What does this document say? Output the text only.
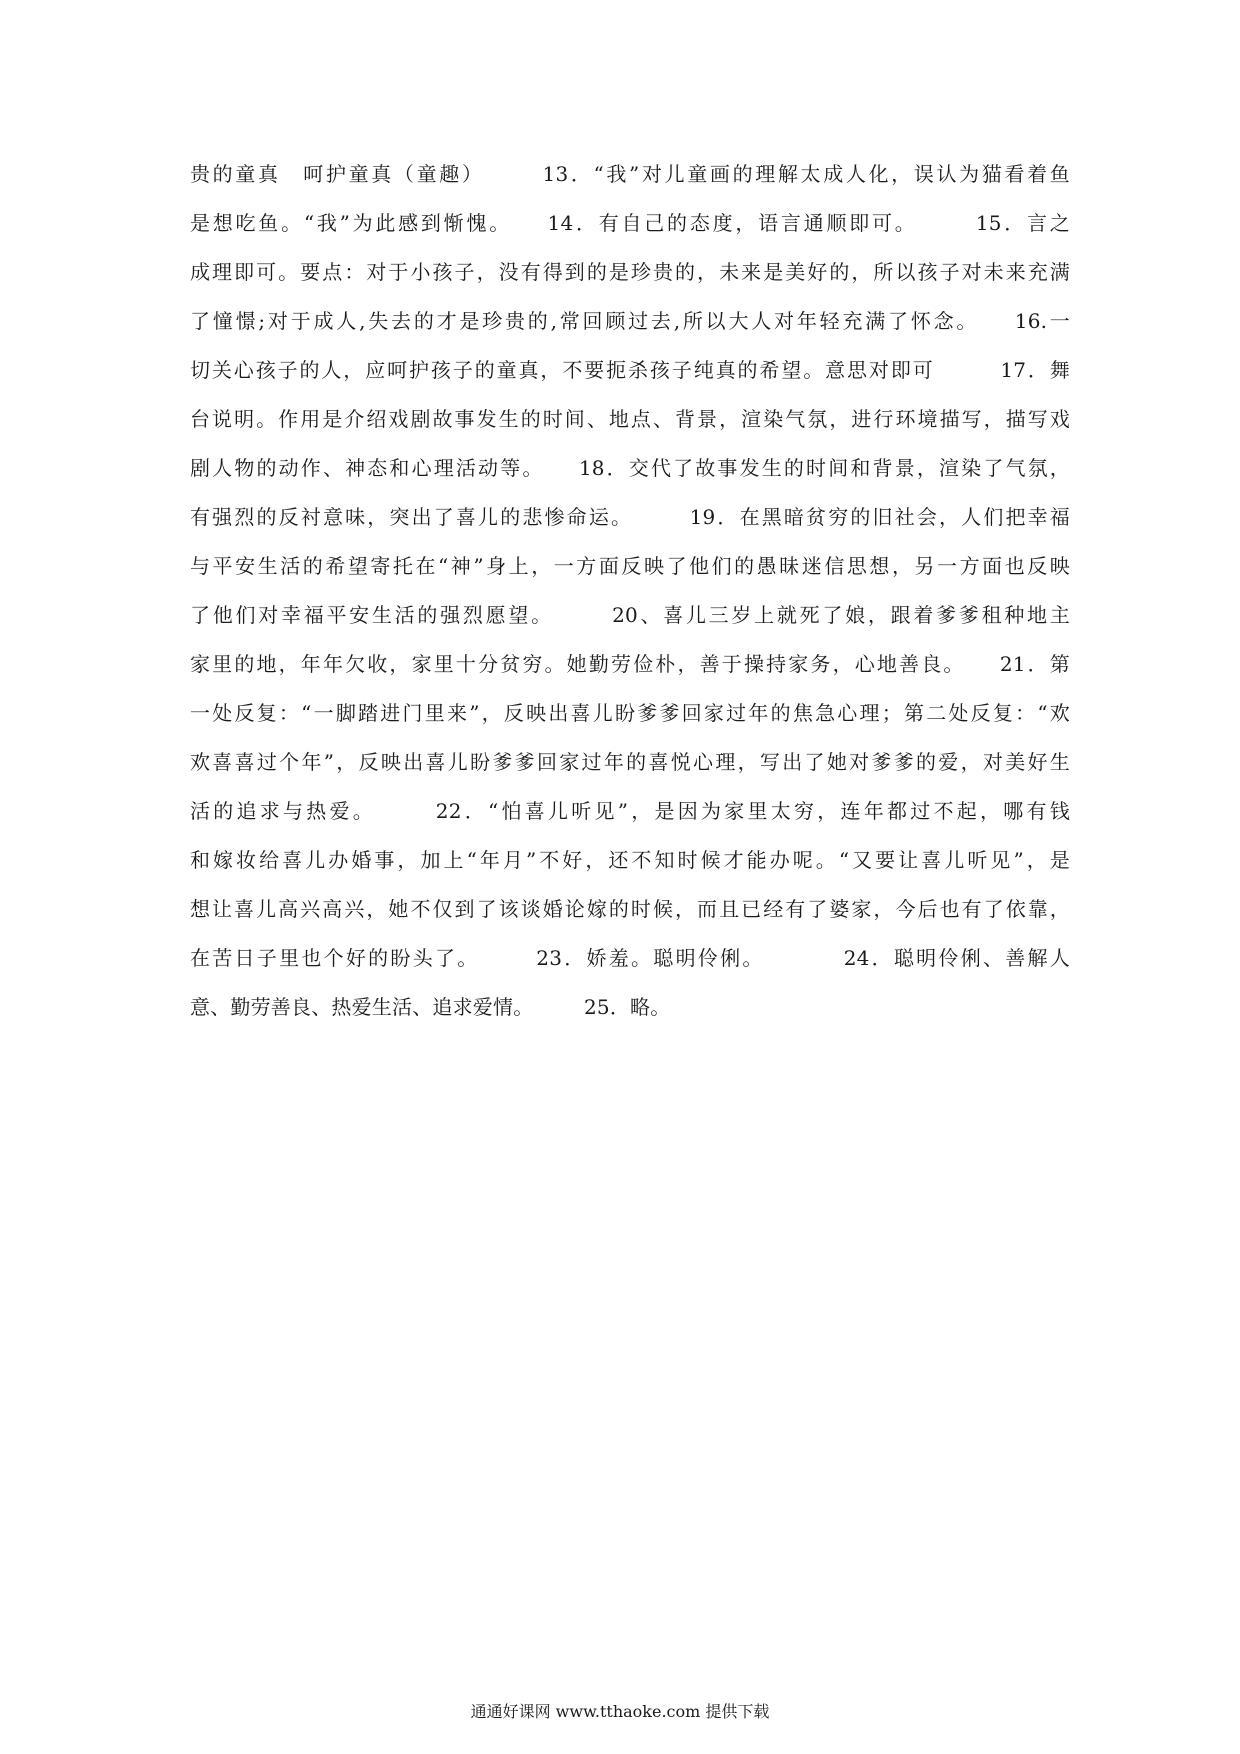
贵的童真　呵护童真（童趣）　　　13．“我”对儿童画的理解太成人化，误认为猫看着鱼
是想吃鱼。“我”为此感到惭愧。　　14．有自己的态度，语言通顺即可。　　　15．言之
成理即可。要点：对于小孩子，没有得到的是珍贵的，未来是美好的，所以孩子对未来充满
了憧憬;对于成人,失去的才是珍贵的,常回顾过去,所以大人对年轻充满了怀念。　　16.一
切关心孩子的人，应呵护孩子的童真，不要扼杀孩子纯真的希望。意思对即可　　　17．舞
台说明。作用是介绍戏剧故事发生的时间、地点、背景，渲染气氛，进行环境描写，描写戏
剧人物的动作、神态和心理活动等。　　18．交代了故事发生的时间和背景，渲染了气氛，
有强烈的反衬意味，突出了喜儿的悲惨命运。　　　19．在黑暗贫穷的旧社会，人们把幸福
与平安生活的希望寄托在“神”身上，一方面反映了他们的愚昧迷信思想，另一方面也反映
了他们对幸福平安生活的强烈愿望。　　　20、喜儿三岁上就死了娘，跟着爹爹租种地主
家里的地，年年欠收，家里十分贫穷。她勤劳俭朴，善于操持家务，心地善良。　　21．第
一处反复：“一脚踏进门里来”，反映出喜儿盼爹爹回家过年的焦急心理；第二处反复：“欢
欢喜喜过个年”，反映出喜儿盼爹爹回家过年的喜悦心理，写出了她对爹爹的爱，对美好生
活的追求与热爱。　　　22．“怕喜儿听见”，是因为家里太穷，连年都过不起，哪有钱
和嫁妆给喜儿办婚事，加上“年月”不好，还不知时候才能办呢。“又要让喜儿听见”，是
想让喜儿高兴高兴，她不仅到了该谈婚论嫁的时候，而且已经有了婆家，今后也有了依靠，
在苦日子里也个好的盼头了。　　　23．娇羞。聪明伶俐。　　　　24．聪明伶俐、善解人
意、勤劳善良、热爱生活、追求爱情。　　　25．略。
通通好课网 www.tthaoke.com 提供下载
